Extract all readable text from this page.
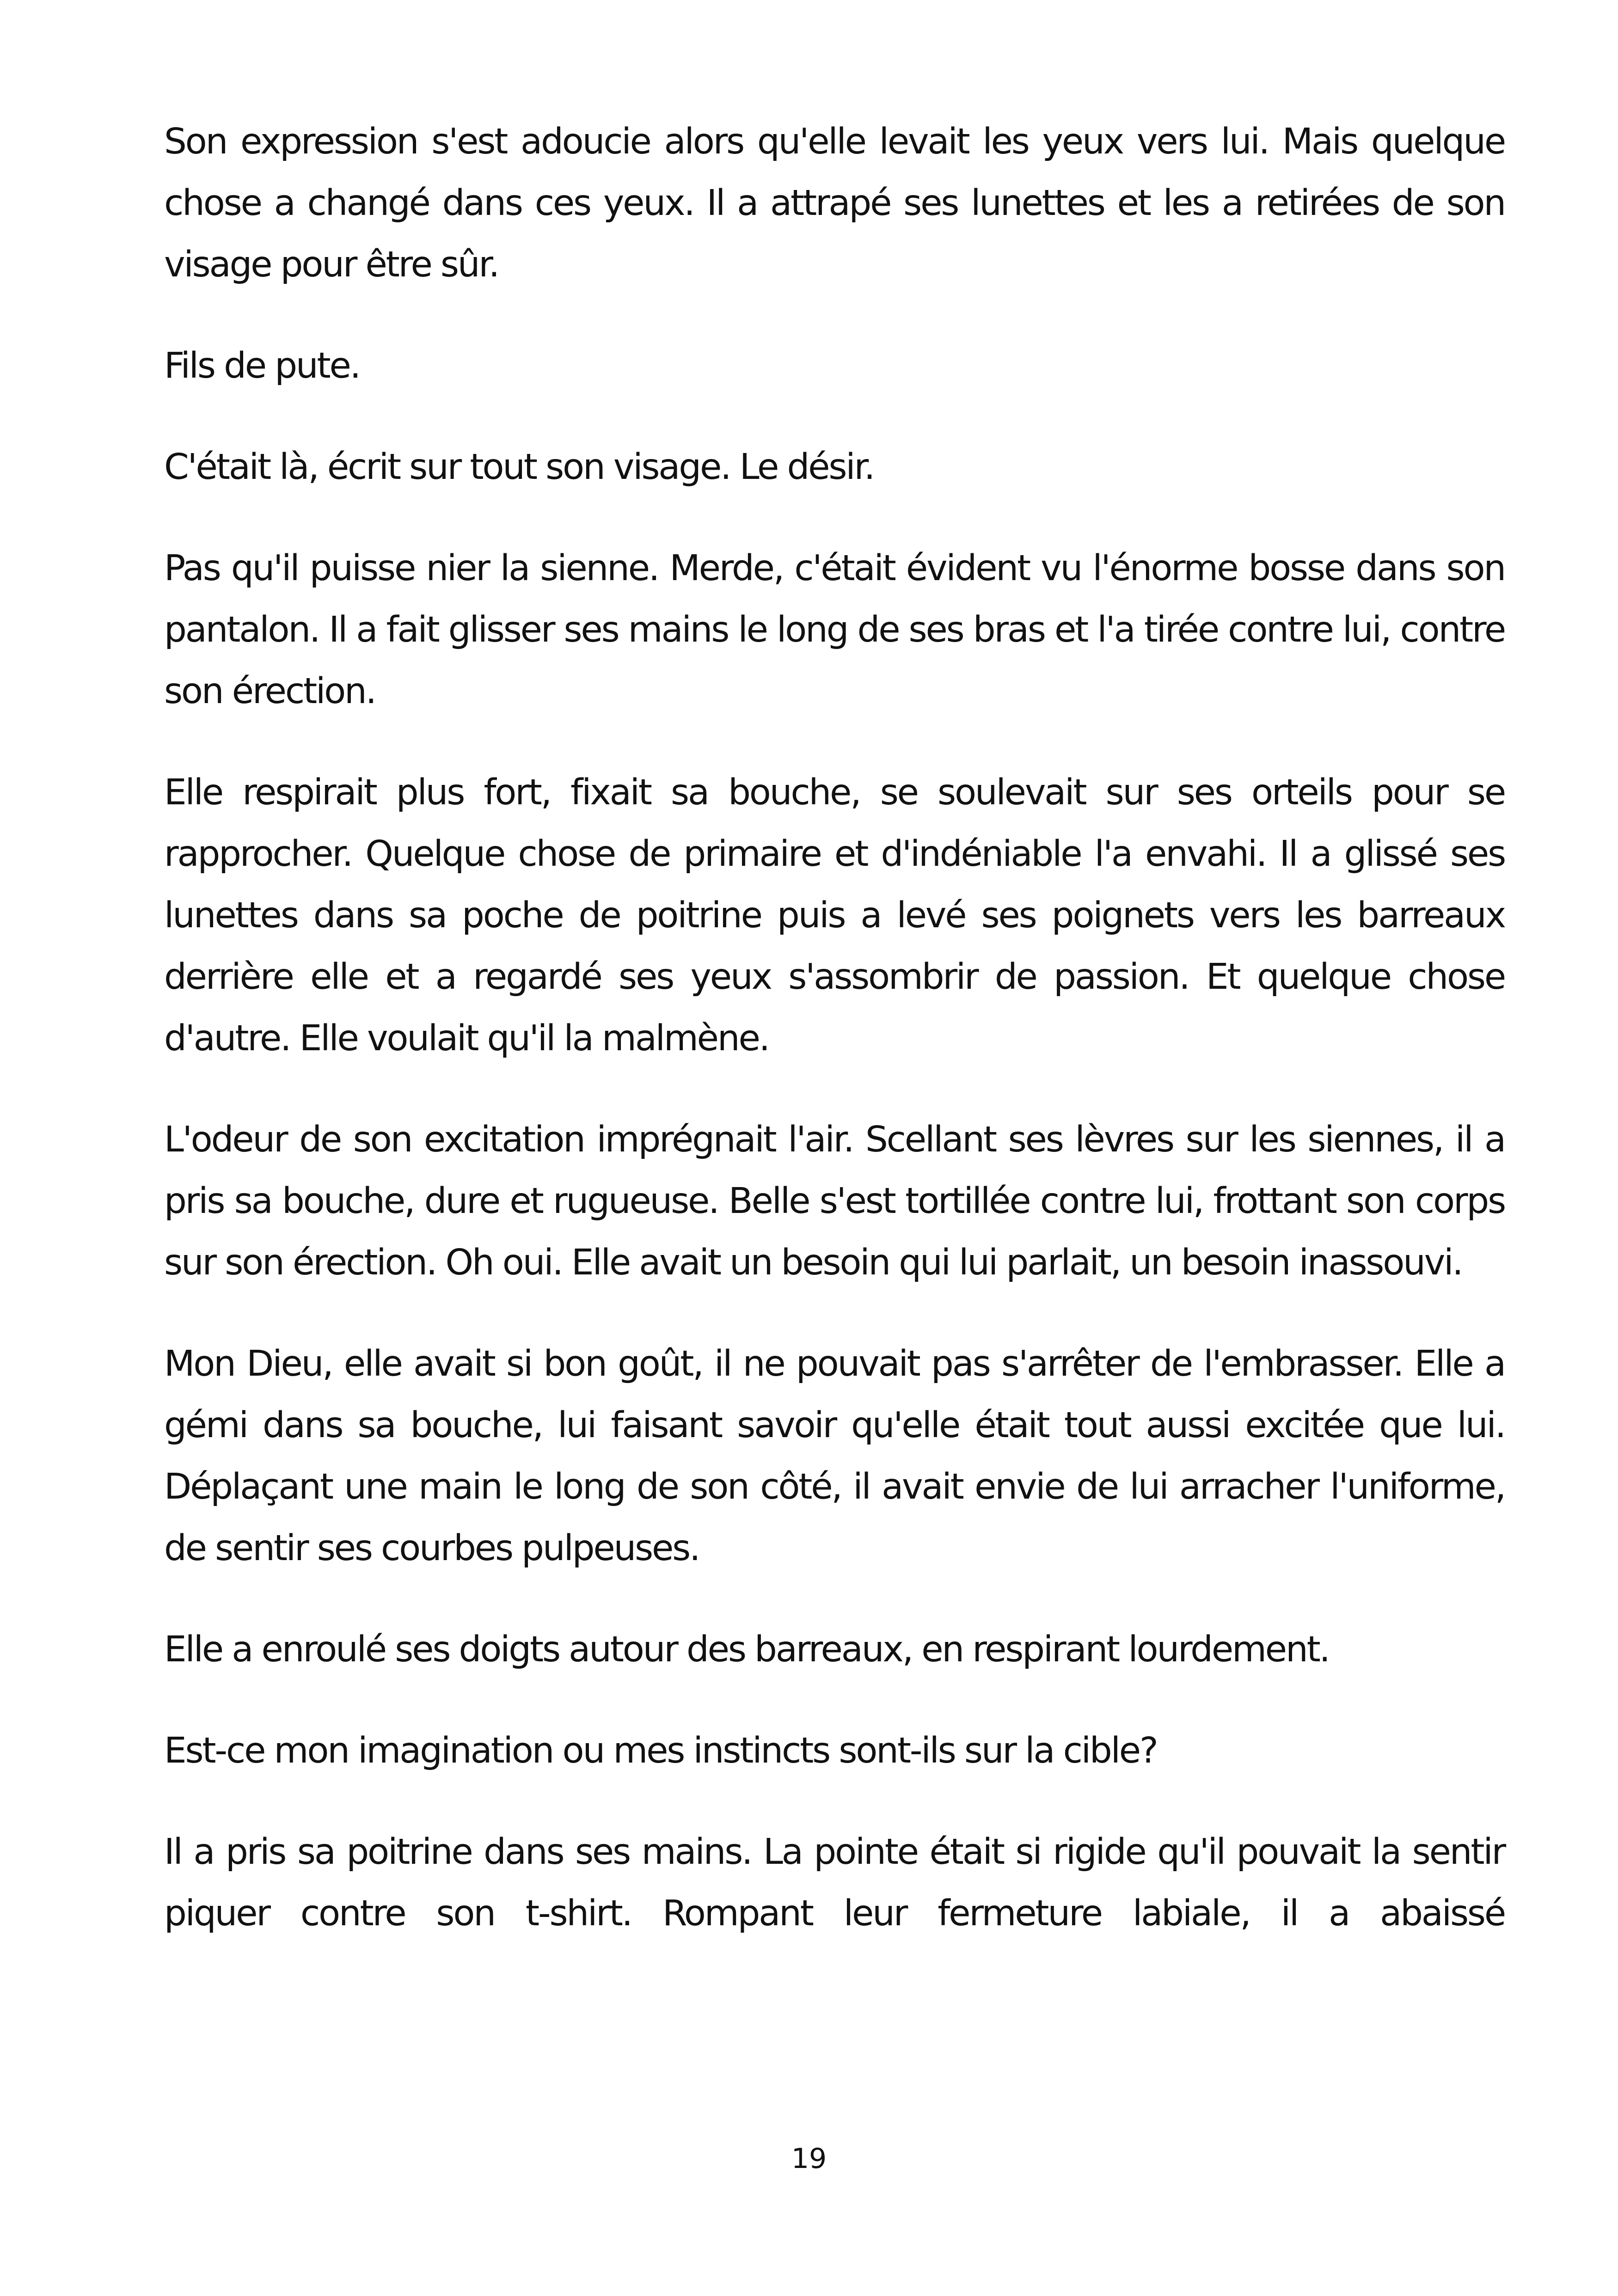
Son expression s'est adoucie alors qu'elle levait les yeux vers lui. Mais quelque chose a changé dans ces yeux. Il a attrapé ses lunettes et les a retirées de son visage pour être sûr.

Fils de pute.

C'était là, écrit sur tout son visage. Le désir.

Pas qu'il puisse nier la sienne. Merde, c'était évident vu l'énorme bosse dans son pantalon. Il a fait glisser ses mains le long de ses bras et l'a tirée contre lui, contre son érection.

Elle respirait plus fort, fixait sa bouche, se soulevait sur ses orteils pour se rapprocher. Quelque chose de primaire et d'indéniable l'a envahi. Il a glissé ses lunettes dans sa poche de poitrine puis a levé ses poignets vers les barreaux derrière elle et a regardé ses yeux s'assombrir de passion. Et quelque chose d'autre. Elle voulait qu'il la malmène.

L'odeur de son excitation imprégnait l'air. Scellant ses lèvres sur les siennes, il a pris sa bouche, dure et rugueuse. Belle s'est tortillée contre lui, frottant son corps sur son érection. Oh oui. Elle avait un besoin qui lui parlait, un besoin inassouvi.

Mon Dieu, elle avait si bon goût, il ne pouvait pas s'arrêter de l'embrasser. Elle a gémi dans sa bouche, lui faisant savoir qu'elle était tout aussi excitée que lui. Déplaçant une main le long de son côté, il avait envie de lui arracher l'uniforme, de sentir ses courbes pulpeuses.

Elle a enroulé ses doigts autour des barreaux, en respirant lourdement.

Est-ce mon imagination ou mes instincts sont-ils sur la cible?

Il a pris sa poitrine dans ses mains. La pointe était si rigide qu'il pouvait la sentir piquer contre son t-shirt. Rompant leur fermeture labiale, il a abaissé

19
